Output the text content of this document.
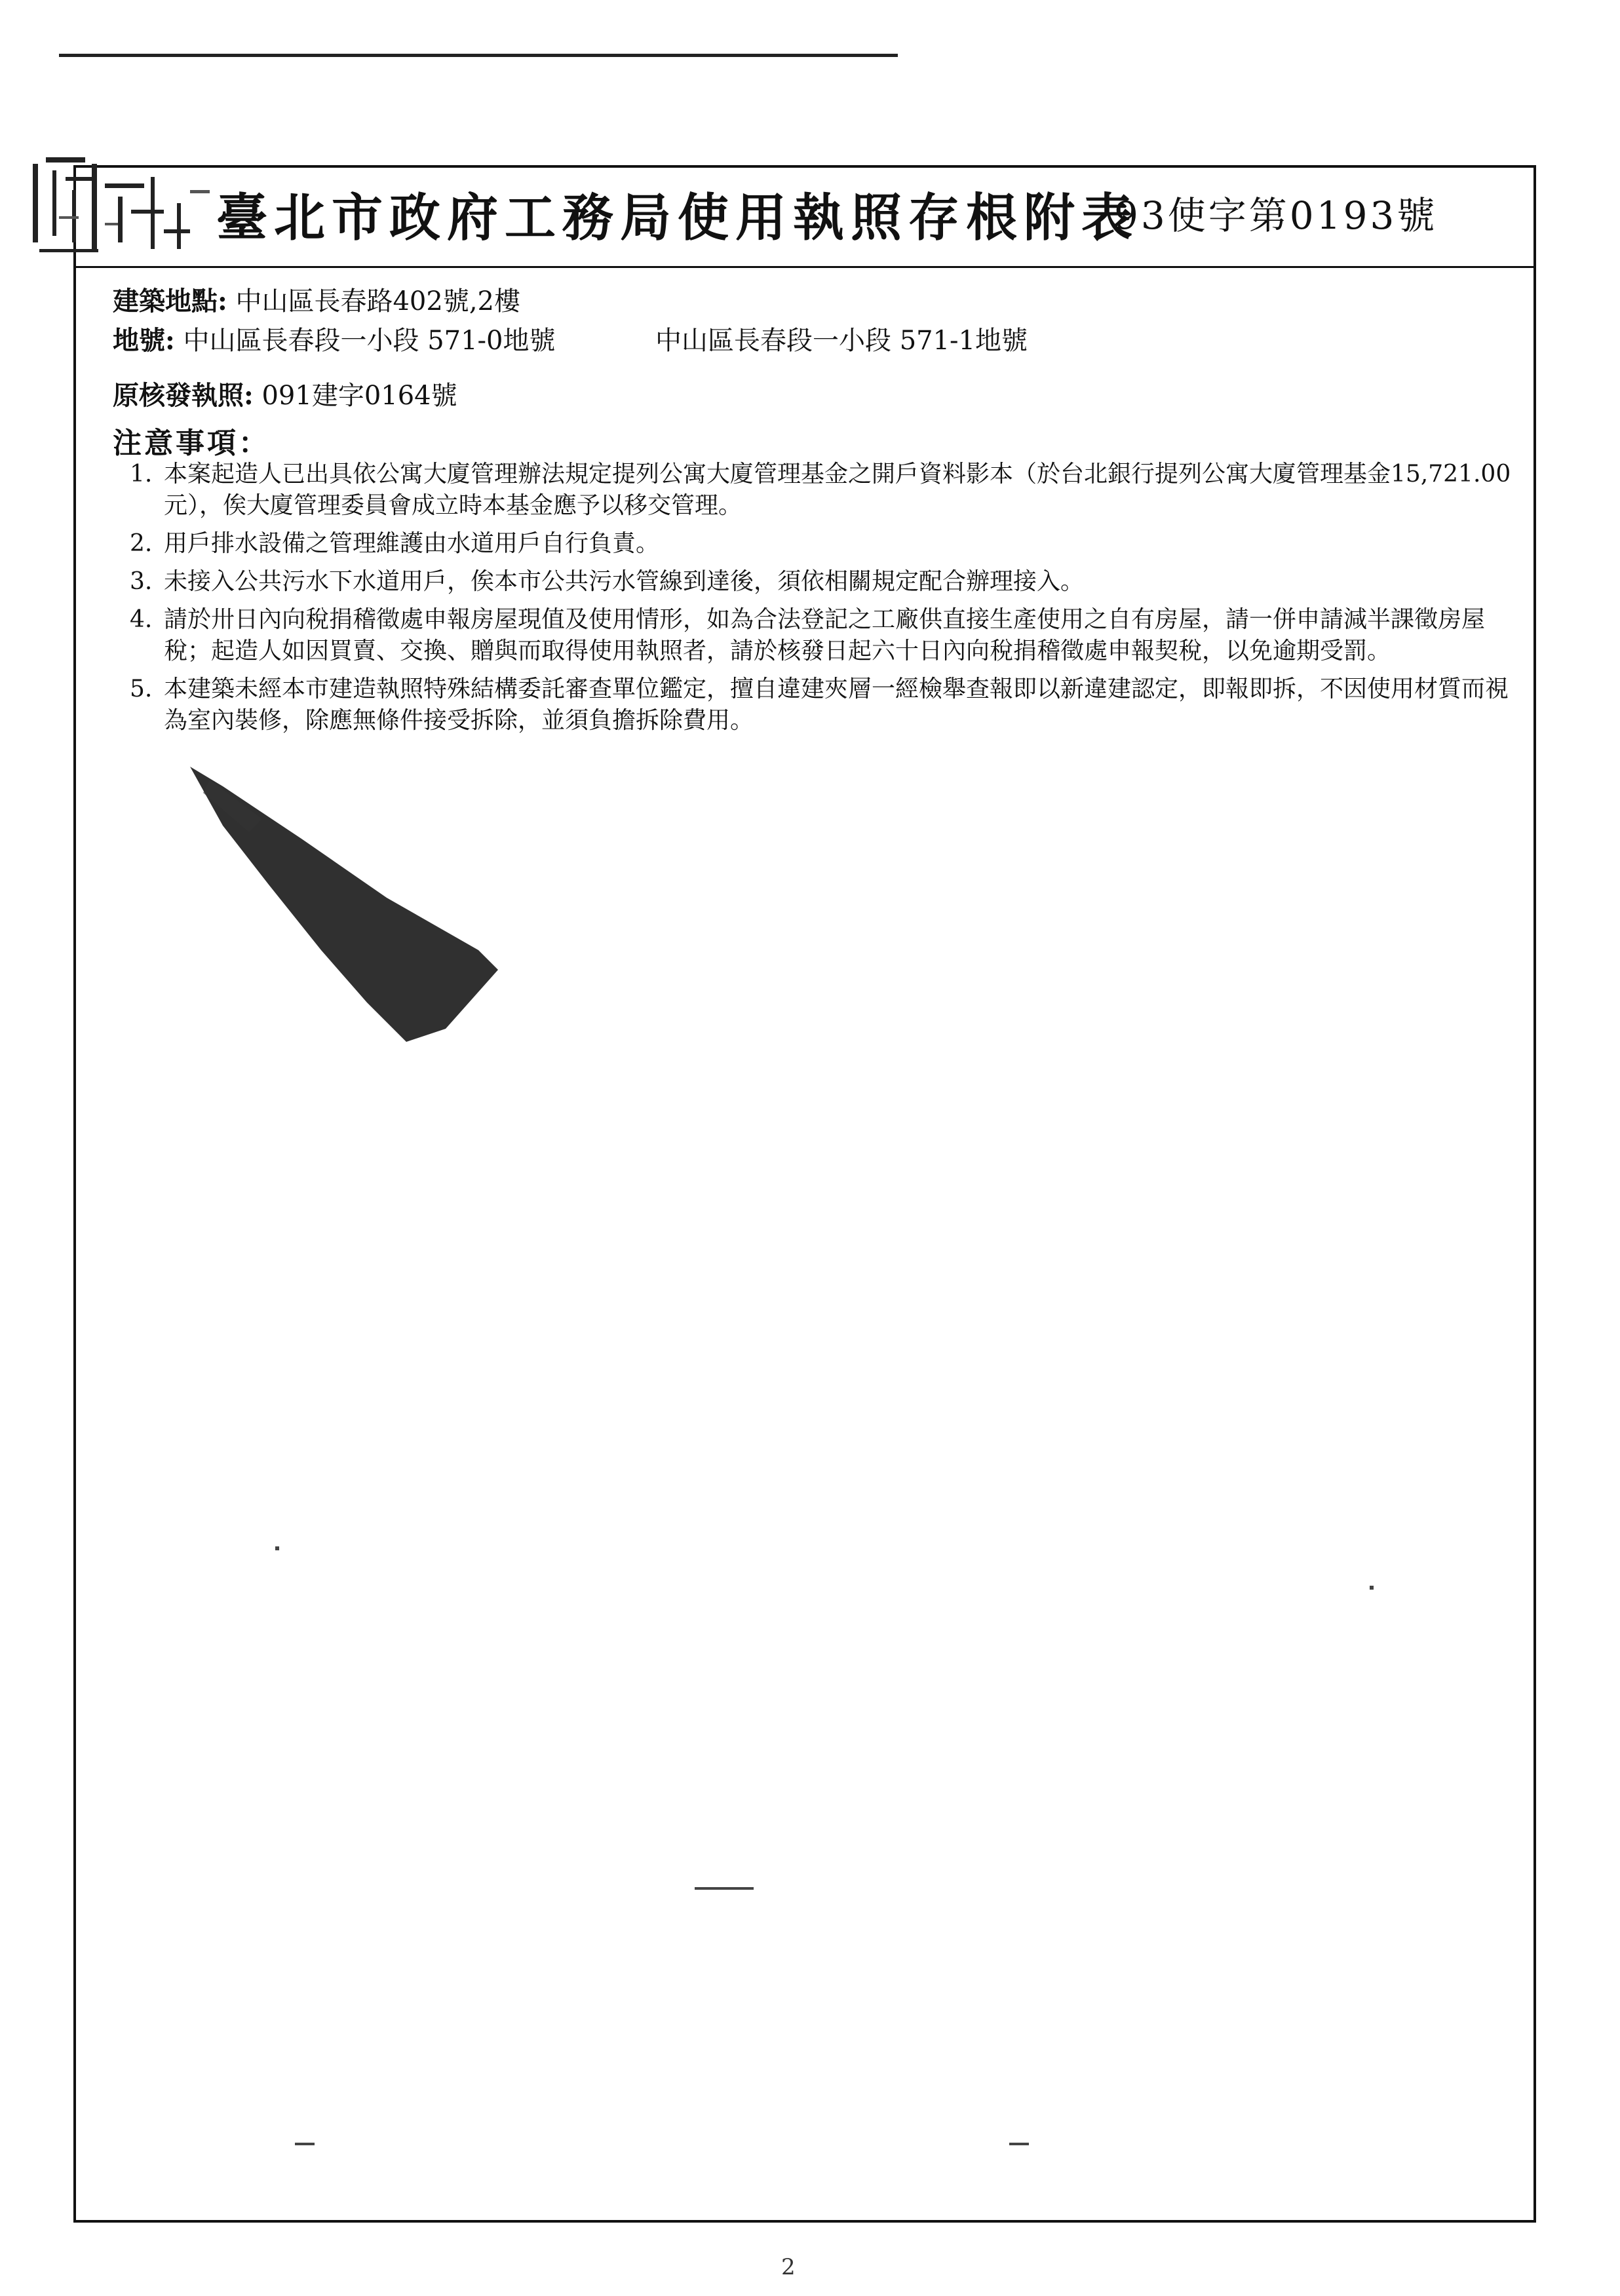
臺北市政府工務局使用執照存根附表
93使字第0193號
建築地點: 中山區長春路402號,2樓
地號: 中山區長春段一小段 571-0地號	中山區長春段一小段 571-1地號
原核發執照: 091建字0164號
注意事項：
1. 本案起造人已出具依公寓大廈管理辦法規定提列公寓大廈管理基金之開戶資料影本（於台北銀行提列公寓大廈管理基金15,721.00元），俟大廈管理委員會成立時本基金應予以移交管理。
2. 用戶排水設備之管理維護由水道用戶自行負責。
3. 未接入公共污水下水道用戶，俟本市公共污水管線到達後，須依相關規定配合辦理接入。
4. 請於卅日內向稅捐稽徵處申報房屋現值及使用情形，如為合法登記之工廠供直接生產使用之自有房屋，請一併申請減半課徵房屋稅；起造人如因買賣、交換、贈與而取得使用執照者，請於核發日起六十日內向稅捐稽徵處申報契稅，以免逾期受罰。
5. 本建築未經本市建造執照特殊結構委託審查單位鑑定，擅自違建夾層一經檢舉查報即以新違建認定，即報即拆，不因使用材質而視為室內裝修，除應無條件接受拆除，並須負擔拆除費用。
2
